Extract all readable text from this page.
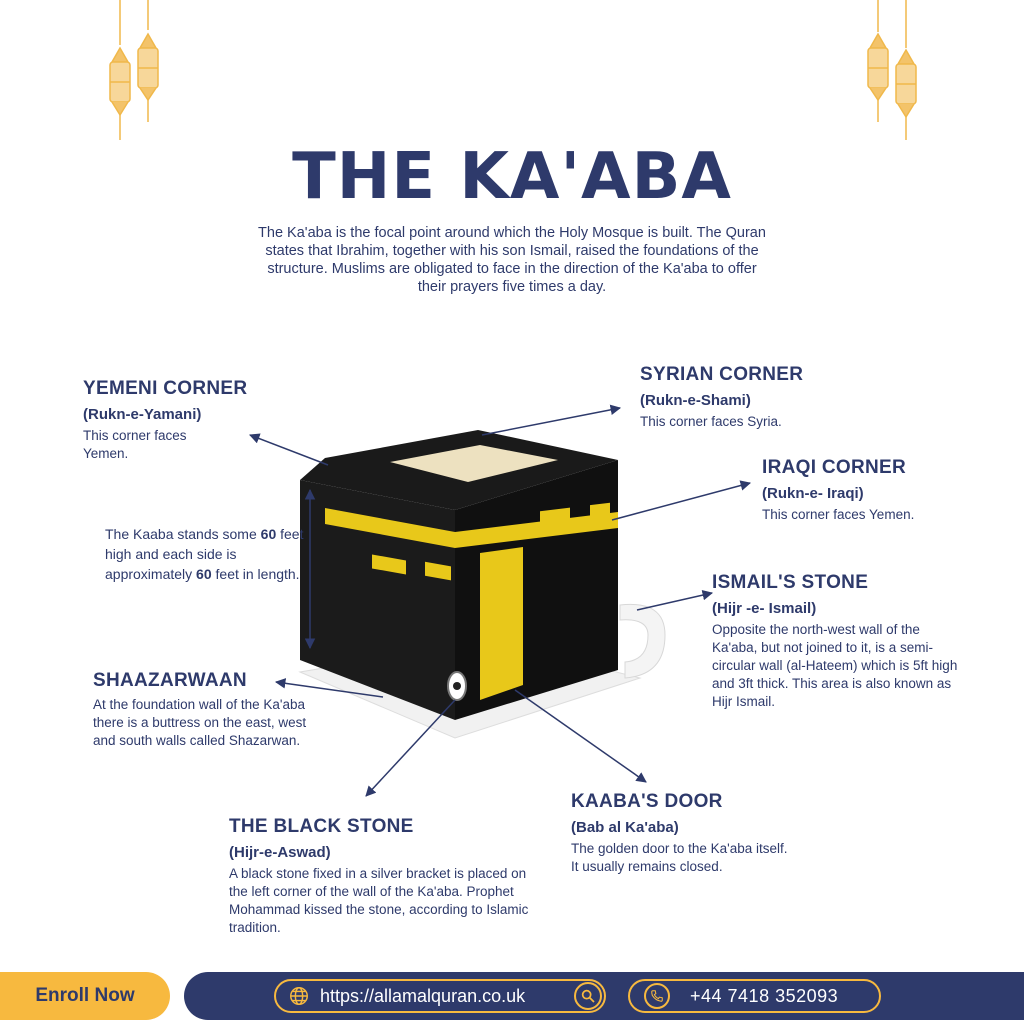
THE KA'ABA
The Ka'aba is the focal point around which the Holy Mosque is built. The Quran states that Ibrahim, together with his son Ismail, raised the foundations of the structure. Muslims are obligated to face in the direction of the Ka'aba to offer their prayers five times a day.
YEMENI CORNER
(Rukn-e-Yamani)
This corner faces Yemen.
SYRIAN CORNER
(Rukn-e-Shami)
This corner faces Syria.
IRAQI CORNER
(Rukn-e- Iraqi)
This corner faces Yemen.
ISMAIL'S STONE
(Hijr -e- Ismail)
Opposite the north-west wall of the Ka'aba, but not joined to it, is a semi-circular wall (al-Hateem) which is 5ft high and 3ft thick. This area is also known as Hijr Ismail.
The Kaaba stands some 60 feet high and each side is approximately 60 feet in length.
SHAAZARWAAN
At the foundation wall of the Ka'aba there is a buttress on the east, west and south walls called Shazarwan.
THE BLACK STONE
(Hijr-e-Aswad)
A black stone fixed in a silver bracket is placed on the left corner of the wall of the Ka'aba. Prophet Mohammad kissed the stone, according to Islamic tradition.
KAABA'S DOOR
(Bab al Ka'aba)
The golden door to the Ka'aba itself. It usually remains closed.
Enroll Now	https://allamalquran.co.uk	+44 7418 352093
